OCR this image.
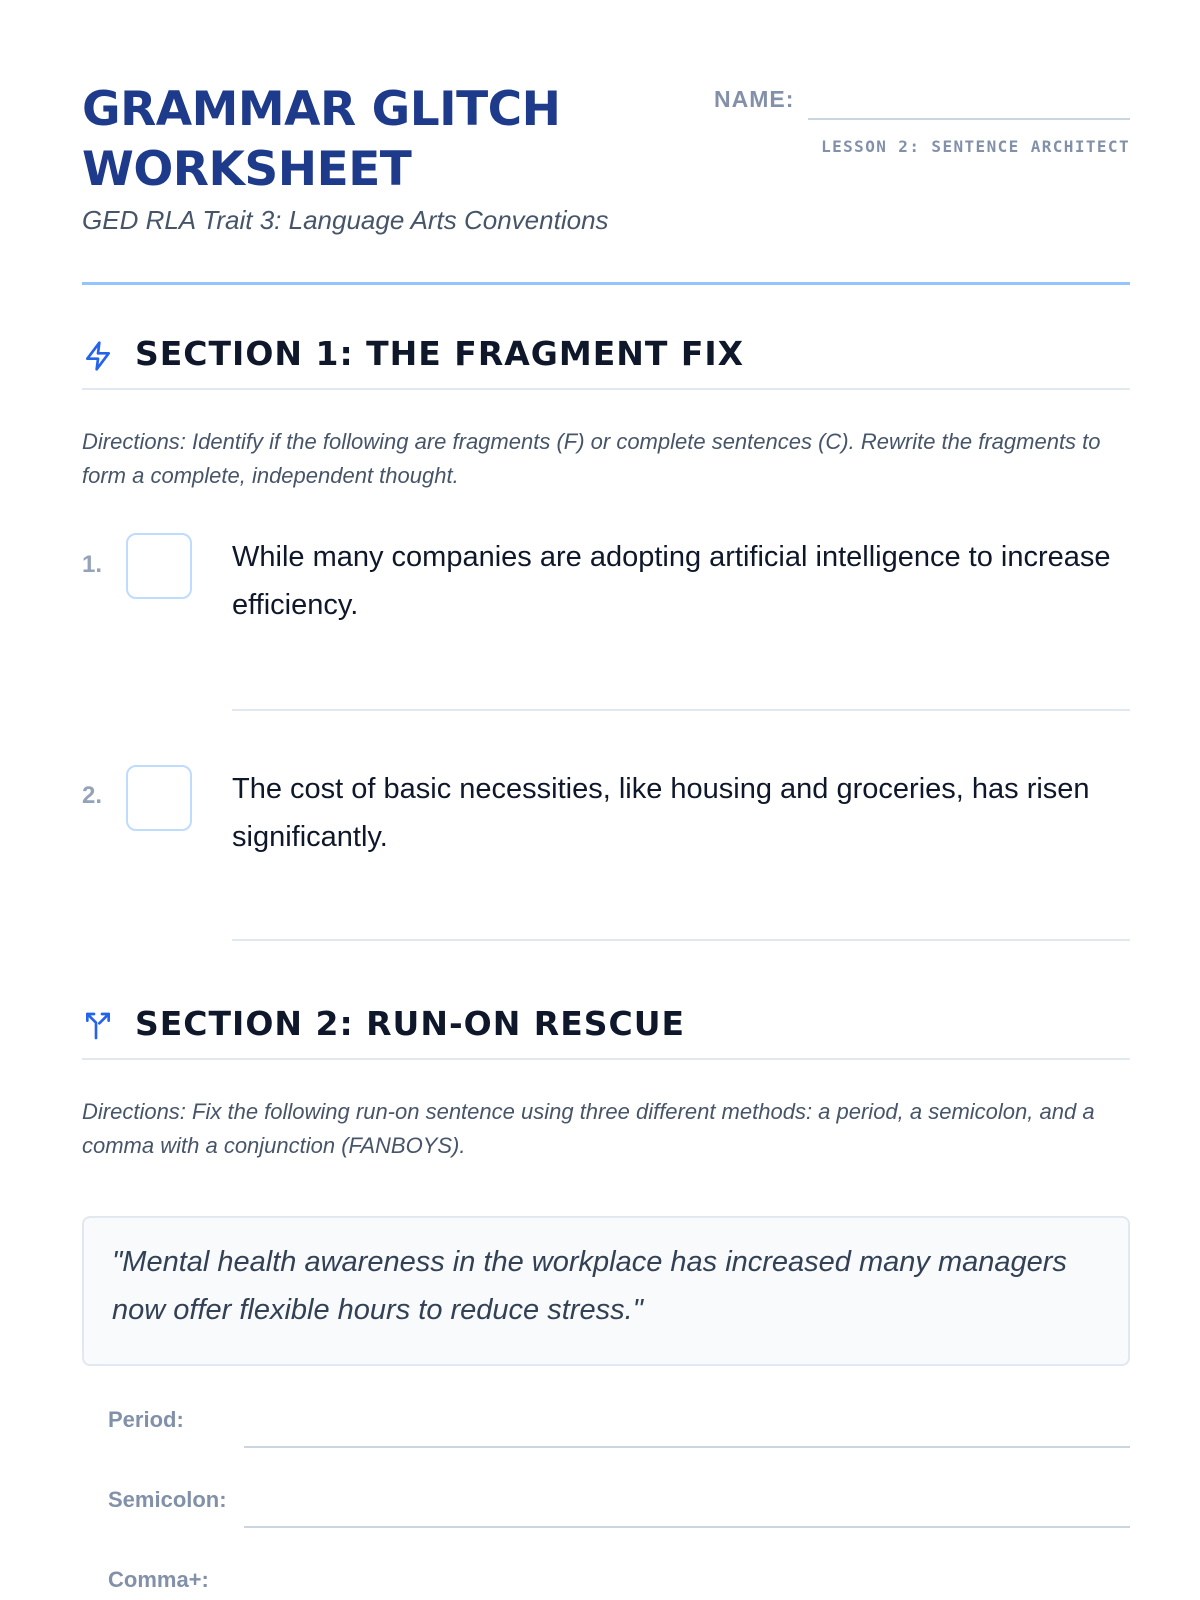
GRAMMAR GLITCH WORKSHEET
GED RLA Trait 3: Language Arts Conventions
NAME:
LESSON 2: SENTENCE ARCHITECT
SECTION 1: THE FRAGMENT FIX
Directions: Identify if the following are fragments (F) or complete sentences (C). Rewrite the fragments to form a complete, independent thought.
1.	While many companies are adopting artificial intelligence to increase efficiency.
2.	The cost of basic necessities, like housing and groceries, has risen significantly.
SECTION 2: RUN-ON RESCUE
Directions: Fix the following run-on sentence using three different methods: a period, a semicolon, and a comma with a conjunction (FANBOYS).
"Mental health awareness in the workplace has increased many managers now offer flexible hours to reduce stress."
Period:
Semicolon:
Comma+:
